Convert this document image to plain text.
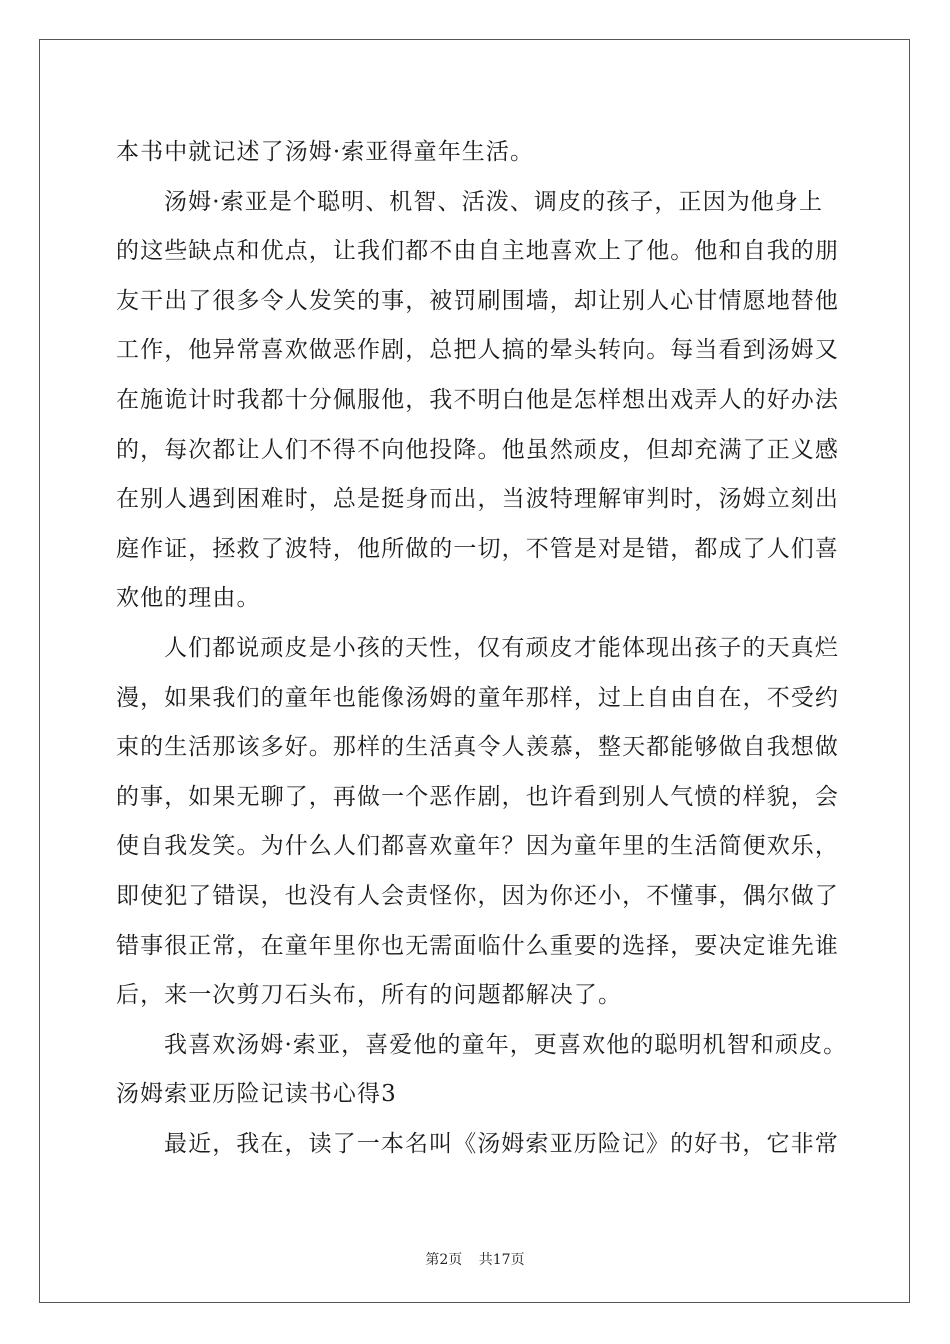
本书中就记述了汤姆·索亚得童年生活。
汤姆·索亚是个聪明、机智、活泼、调皮的孩子，正因为他身上
的这些缺点和优点，让我们都不由自主地喜欢上了他。他和自我的朋
友干出了很多令人发笑的事，被罚刷围墙，却让别人心甘情愿地替他
工作，他异常喜欢做恶作剧，总把人搞的晕头转向。每当看到汤姆又
在施诡计时我都十分佩服他，我不明白他是怎样想出戏弄人的好办法
的，每次都让人们不得不向他投降。他虽然顽皮，但却充满了正义感
在别人遇到困难时，总是挺身而出，当波特理解审判时，汤姆立刻出
庭作证，拯救了波特，他所做的一切，不管是对是错，都成了人们喜
欢他的理由。
人们都说顽皮是小孩的天性，仅有顽皮才能体现出孩子的天真烂
漫，如果我们的童年也能像汤姆的童年那样，过上自由自在，不受约
束的生活那该多好。那样的生活真令人羡慕，整天都能够做自我想做
的事，如果无聊了，再做一个恶作剧，也许看到别人气愤的样貌，会
使自我发笑。为什么人们都喜欢童年？因为童年里的生活简便欢乐，
即使犯了错误，也没有人会责怪你，因为你还小，不懂事，偶尔做了
错事很正常，在童年里你也无需面临什么重要的选择，要决定谁先谁
后，来一次剪刀石头布，所有的问题都解决了。
我喜欢汤姆·索亚，喜爱他的童年，更喜欢他的聪明机智和顽皮。
汤姆索亚历险记读书心得3
最近，我在，读了一本名叫《汤姆索亚历险记》的好书，它非常
第2页 共17页
